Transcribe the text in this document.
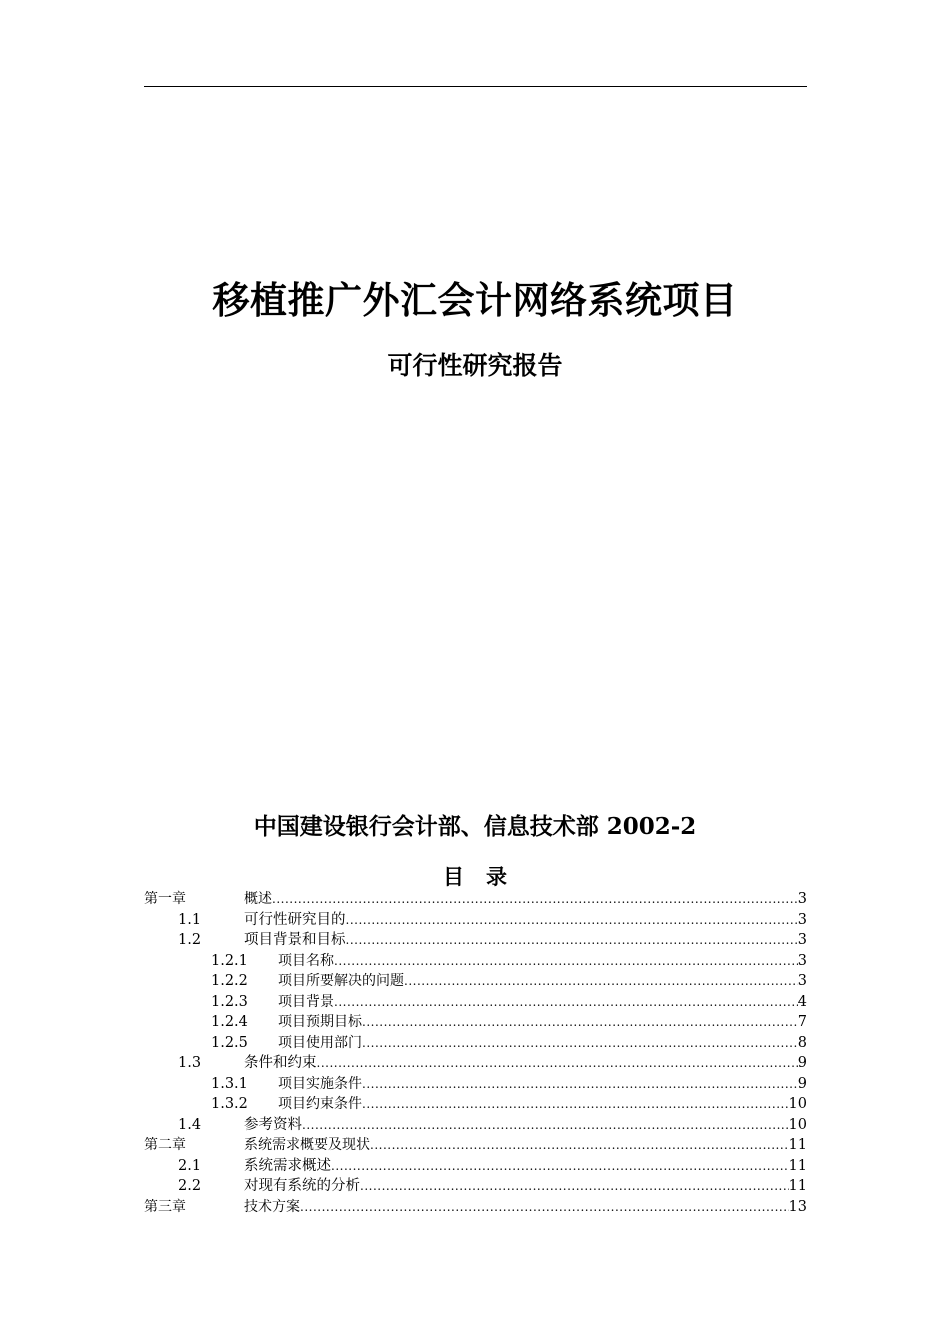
移植推广外汇会计网络系统项目
可行性研究报告
中国建设银行会计部、信息技术部 2002-2
目录
第一章	概述 .....	3
1.1	可行性研究目的 .....	3
1.2	项目背景和目标 .....	3
1.2.1 项目名称 .....	3
1.2.2 项目所要解决的问题 .....	3
1.2.3 项目背景 .....	4
1.2.4 项目预期目标 .....	7
1.2.5 项目使用部门 .....	8
1.3	条件和约束 .....	9
1.3.1 项目实施条件 .....	9
1.3.2 项目约束条件 .....	10
1.4	参考资料 .....	10
第二章	系统需求概要及现状 .....	11
2.1	系统需求概述 .....	11
2.2	对现有系统的分析 .....	11
第三章	技术方案 .....	13
